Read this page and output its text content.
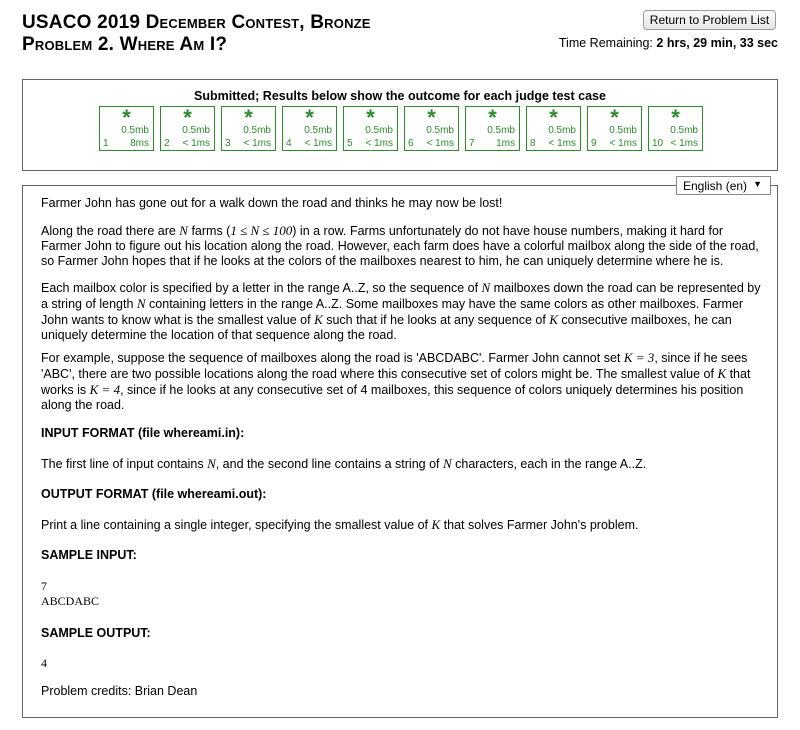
USACO 2019 December Contest, Bronze
Problem 2. Where Am I?
Return to Problem List
Time Remaining: 2 hrs, 29 min, 33 sec
Submitted; Results below show the outcome for each judge test case
*
0.5mb
1 8ms
*
0.5mb
2 < 1ms
*
0.5mb
3 < 1ms
*
0.5mb
4 < 1ms
*
0.5mb
5 < 1ms
*
0.5mb
6 < 1ms
*
0.5mb
7 1ms
*
0.5mb
8 < 1ms
*
0.5mb
9 < 1ms
*
0.5mb
10 < 1ms
English (en) ▼
Farmer John has gone out for a walk down the road and thinks he may now be lost!
Along the road there are N farms (1 ≤ N ≤ 100) in a row. Farms unfortunately do not have house numbers, making it hard for Farmer John to figure out his location along the road. However, each farm does have a colorful mailbox along the side of the road, so Farmer John hopes that if he looks at the colors of the mailboxes nearest to him, he can uniquely determine where he is.
Each mailbox color is specified by a letter in the range A..Z, so the sequence of N mailboxes down the road can be represented by a string of length N containing letters in the range A..Z. Some mailboxes may have the same colors as other mailboxes. Farmer John wants to know what is the smallest value of K such that if he looks at any sequence of K consecutive mailboxes, he can uniquely determine the location of that sequence along the road.
For example, suppose the sequence of mailboxes along the road is 'ABCDABC'. Farmer John cannot set K = 3, since if he sees 'ABC', there are two possible locations along the road where this consecutive set of colors might be. The smallest value of K that works is K = 4, since if he looks at any consecutive set of 4 mailboxes, this sequence of colors uniquely determines his position along the road.
INPUT FORMAT (file whereami.in):
The first line of input contains N, and the second line contains a string of N characters, each in the range A..Z.
OUTPUT FORMAT (file whereami.out):
Print a line containing a single integer, specifying the smallest value of K that solves Farmer John's problem.
SAMPLE INPUT:
7
ABCDABC
SAMPLE OUTPUT:
4
Problem credits: Brian Dean
